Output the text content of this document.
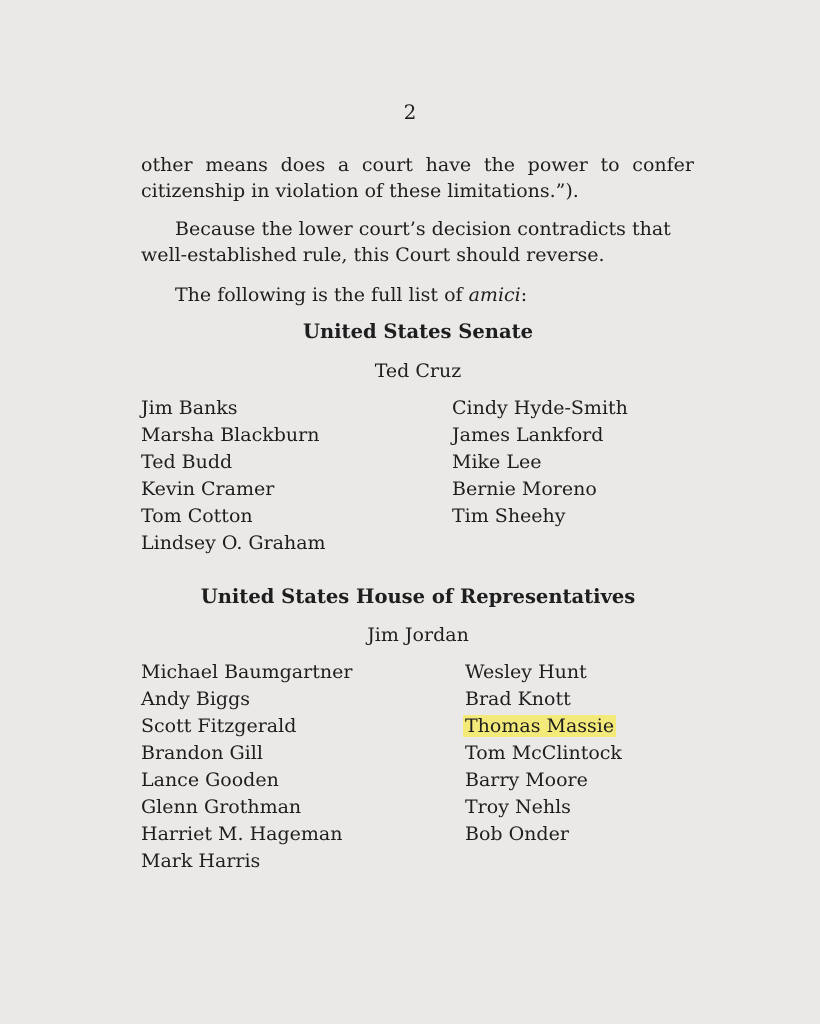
2
other means does a court have the power to confer
citizenship in violation of these limitations.”).
Because the lower court’s decision contradicts that
well-established rule, this Court should reverse.
The following is the full list of amici:
United States Senate
Ted Cruz
Jim Banks
Marsha Blackburn
Ted Budd
Kevin Cramer
Tom Cotton
Lindsey O. Graham
Cindy Hyde-Smith
James Lankford
Mike Lee
Bernie Moreno
Tim Sheehy
United States House of Representatives
Jim Jordan
Michael Baumgartner
Andy Biggs
Scott Fitzgerald
Brandon Gill
Lance Gooden
Glenn Grothman
Harriet M. Hageman
Mark Harris
Wesley Hunt
Brad Knott
Thomas Massie
Tom McClintock
Barry Moore
Troy Nehls
Bob Onder
